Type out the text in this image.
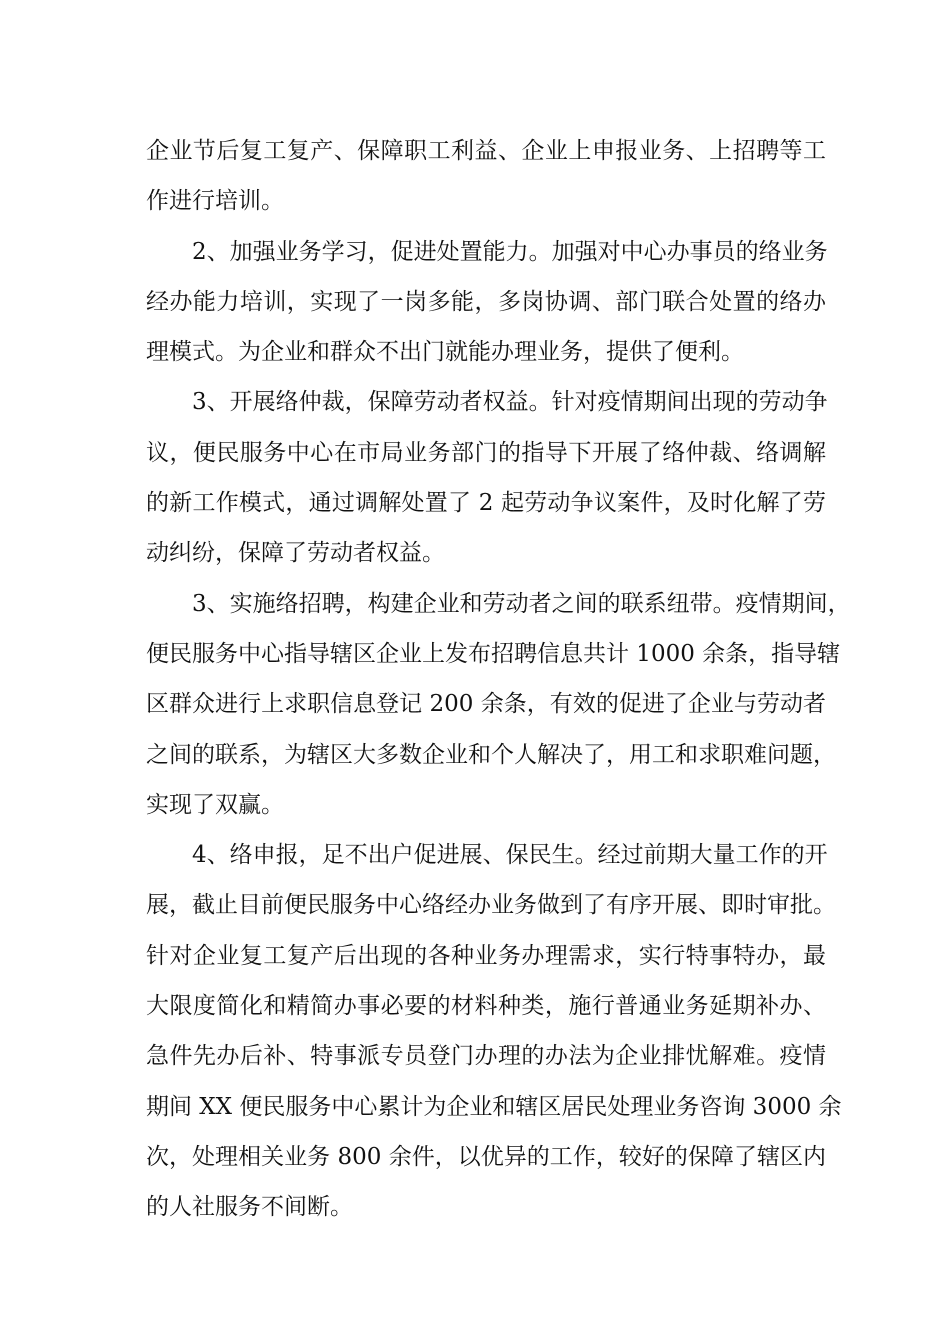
企业节后复工复产、保障职工利益、企业上申报业务、上招聘等工
作进行培训。
2、加强业务学习，促进处置能力。加强对中心办事员的络业务
经办能力培训，实现了一岗多能，多岗协调、部门联合处置的络办
理模式。为企业和群众不出门就能办理业务，提供了便利。
3、开展络仲裁，保障劳动者权益。针对疫情期间出现的劳动争
议，便民服务中心在市局业务部门的指导下开展了络仲裁、络调解
的新工作模式，通过调解处置了 2 起劳动争议案件，及时化解了劳
动纠纷，保障了劳动者权益。
3、实施络招聘，构建企业和劳动者之间的联系纽带。疫情期间，
便民服务中心指导辖区企业上发布招聘信息共计 1000 余条，指导辖
区群众进行上求职信息登记 200 余条，有效的促进了企业与劳动者
之间的联系，为辖区大多数企业和个人解决了，用工和求职难问题，
实现了双赢。
4、络申报，足不出户促进展、保民生。经过前期大量工作的开
展，截止目前便民服务中心络经办业务做到了有序开展、即时审批。
针对企业复工复产后出现的各种业务办理需求，实行特事特办，最
大限度简化和精简办事必要的材料种类，施行普通业务延期补办、
急件先办后补、特事派专员登门办理的办法为企业排忧解难。疫情
期间 XX 便民服务中心累计为企业和辖区居民处理业务咨询 3000 余
次，处理相关业务 800 余件，以优异的工作，较好的保障了辖区内
的人社服务不间断。
